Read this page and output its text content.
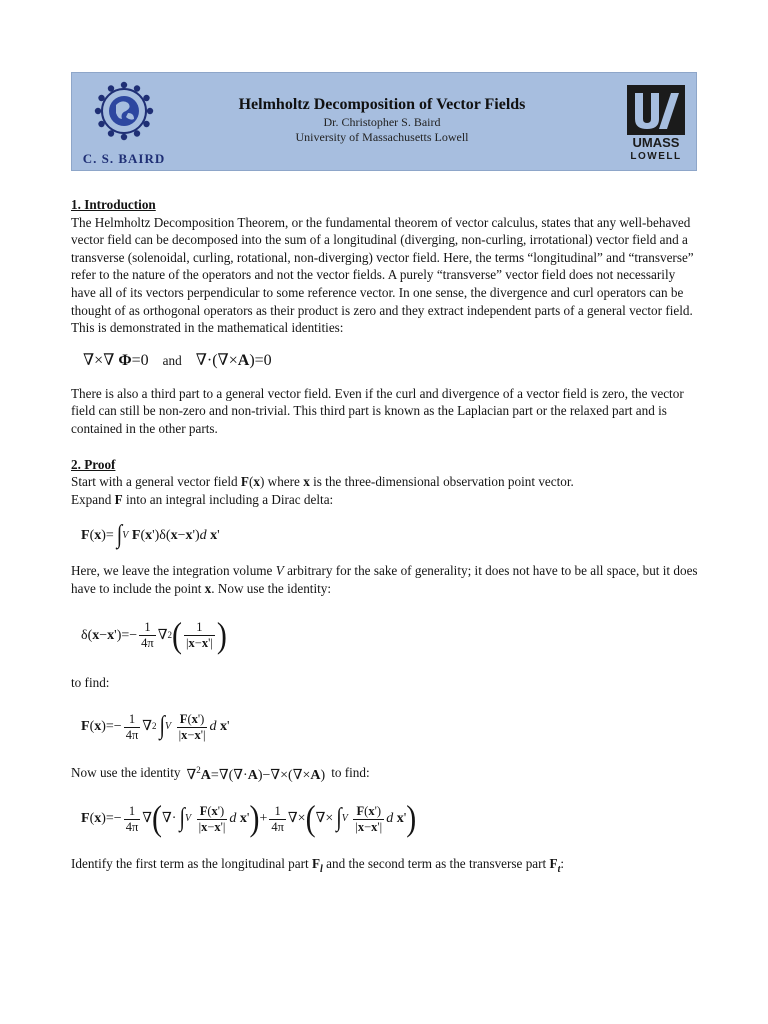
C. S. BAIRD
Helmholtz Decomposition of Vector Fields
Dr. Christopher S. Baird
University of Massachusetts Lowell	UMASS
LOWELL

1. Introduction

The Helmholtz Decomposition Theorem, or the fundamental theorem of vector calculus, states that any well-behaved vector field can be decomposed into the sum of a longitudinal (diverging, non-curling, irrotational) vector field and a transverse (solenoidal, curling, rotational, non-diverging) vector field. Here, the terms “longitudinal” and “transverse” refer to the nature of the operators and not the vector fields. A purely “transverse” vector field does not necessarily have all of its vectors perpendicular to some reference vector. In one sense, the divergence and curl operators can be thought of as orthogonal operators as their product is zero and they extract independent parts of a general vector field. This is demonstrated in the mathematical identities:

∇×∇ Φ=0 and ∇·(∇×A)=0

There is also a third part to a general vector field. Even if the curl and divergence of a vector field is zero, the vector field can still be non-zero and non-trivial. This third part is known as the Laplacian part or the relaxed part and is contained in the other parts.

2. Proof

Start with a general vector field F(x) where x is the three-dimensional observation point vector.
Expand F into an integral including a Dirac delta:

F ( x )= ∫ V
F ( x ')δ( x − x ') d
x '

Here, we leave the integration volume V arbitrary for the sake of generality; it does not have to be all space, but it does have to include the point x. Now use the identity:

δ( x − x ')=− $\frac{1}{4\pi}$ ∇ 2 ( $\frac{1}{|x-x'|}$ )

to find:

F ( x )=− $\frac{1}{4\pi}$ ∇ 2 ∫ V
$\frac{F(x')}{|x-x'|}$ d
x '
Now use the identity ∇$^2$A=∇(∇·A)−∇×(∇×A) to find:
F ( x )=− $\frac{1}{4\pi}$ ∇ ( ∇· ∫ V
$\frac{F(x')}{|x-x'|}$ d
x ' ) + $\frac{1}{4\pi}$ ∇× ( ∇× ∫ V
$\frac{F(x')}{|x-x'|}$ d
x ' )

Identify the first term as the longitudinal part $F_l$ and the second term as the transverse part $F_t$:
